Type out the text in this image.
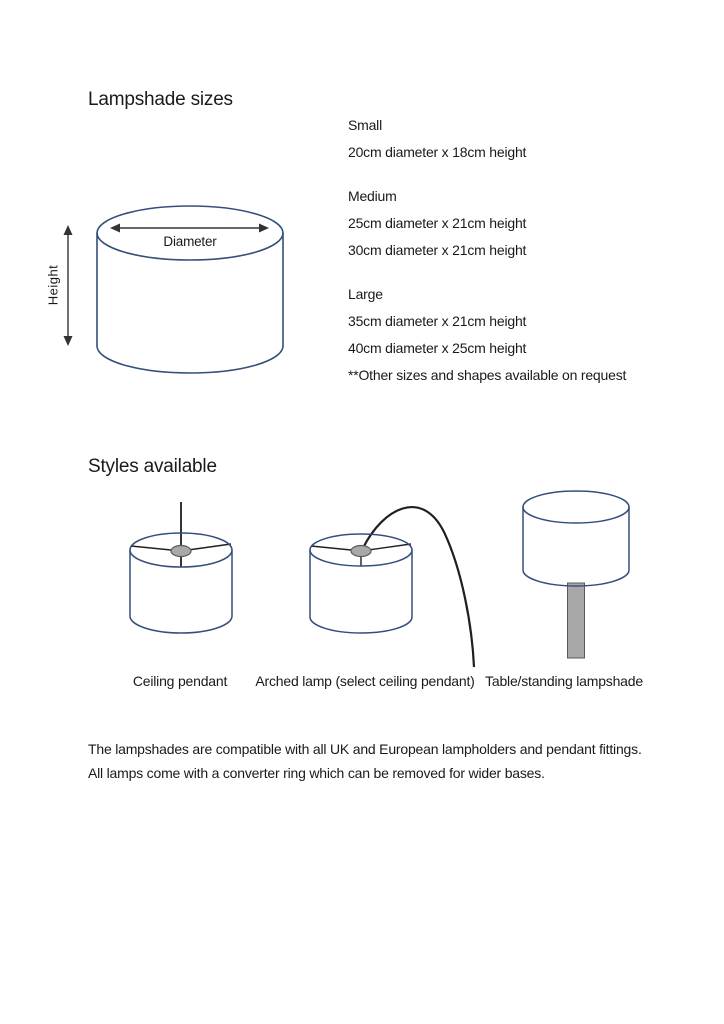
Lampshade sizes
Small
20cm diameter x 18cm height
Medium
25cm diameter x 21cm height
30cm diameter x 21cm height
Large
35cm diameter x 21cm height
40cm diameter x 25cm height
**Other sizes and shapes available on request
Diameter
Height
Styles available
Ceiling pendant Arched lamp (select ceiling pendant) Table/standing lampshade
The lampshades are compatible with all UK and European lampholders and pendant fittings.
All lamps come with a converter ring which can be removed for wider bases.
